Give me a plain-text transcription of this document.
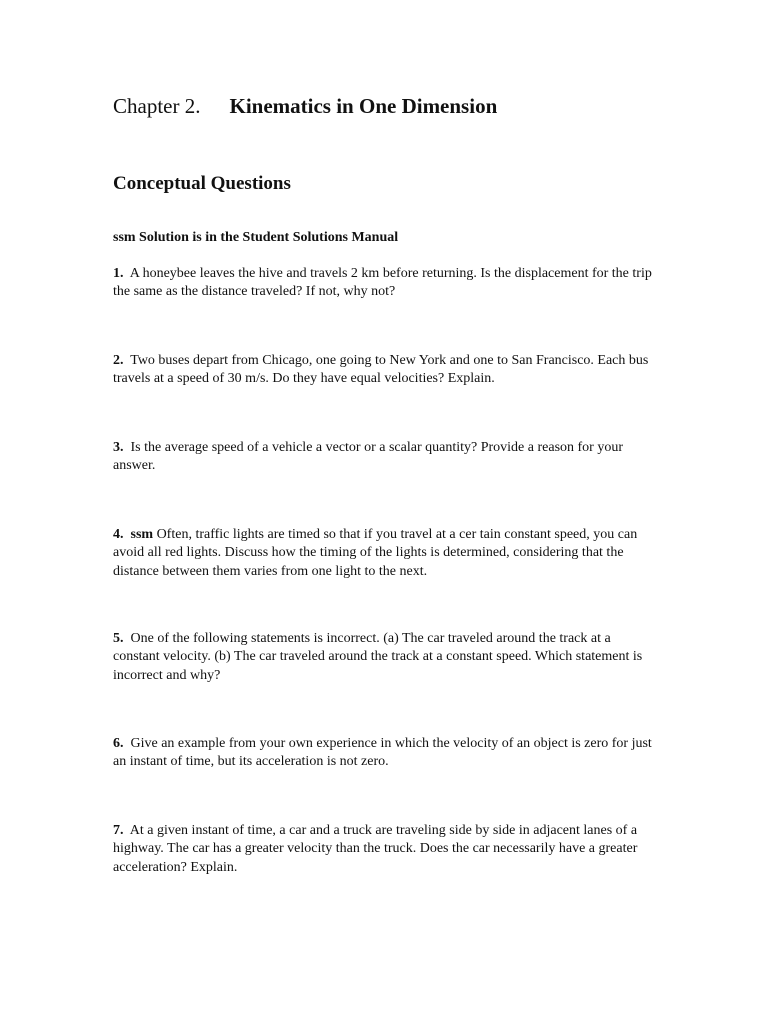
Chapter 2. Kinematics in One Dimension
Conceptual Questions
ssm Solution is in the Student Solutions Manual
1. A honeybee leaves the hive and travels 2 km before returning. Is the displacement for the trip the same as the distance traveled? If not, why not?
2. Two buses depart from Chicago, one going to New York and one to San Francisco. Each bus travels at a speed of 30 m/s. Do they have equal velocities? Explain.
3. Is the average speed of a vehicle a vector or a scalar quantity? Provide a reason for your answer.
4. ssm Often, traffic lights are timed so that if you travel at a cer tain constant speed, you can avoid all red lights. Discuss how the timing of the lights is determined, considering that the distance between them varies from one light to the next.
5. One of the following statements is incorrect. (a) The car traveled around the track at a constant velocity. (b) The car traveled around the track at a constant speed. Which statement is incorrect and why?
6. Give an example from your own experience in which the velocity of an object is zero for just an instant of time, but its acceleration is not zero.
7. At a given instant of time, a car and a truck are traveling side by side in adjacent lanes of a highway. The car has a greater velocity than the truck. Does the car necessarily have a greater acceleration? Explain.
